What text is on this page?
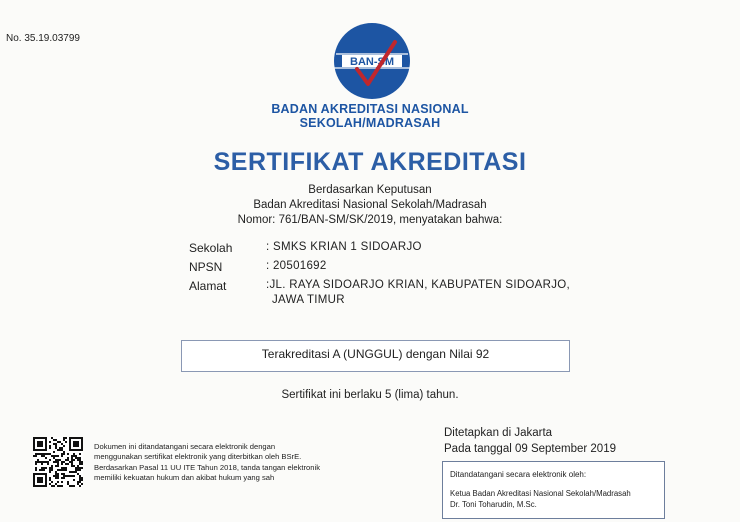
No. 35.19.03799
BAN-SM
BADAN AKREDITASI NASIONAL
SEKOLAH/MADRASAH
SERTIFIKAT AKREDITASI
Berdasarkan Keputusan
Badan Akreditasi Nasional Sekolah/Madrasah
Nomor: 761/BAN-SM/SK/2019, menyatakan bahwa:
Sekolah	: SMKS KRIAN 1 SIDOARJO
NPSN	: 20501692
Alamat	:JL. RAYA SIDOARJO KRIAN, KABUPATEN SIDOARJO,
JAWA TIMUR
Terakreditasi A (UNGGUL) dengan Nilai 92
Sertifikat ini berlaku 5 (lima) tahun.
Dokumen ini ditandatangani secara elektronik dengan
menggunakan sertifikat elektronik yang diterbitkan oleh BSrE.
Berdasarkan Pasal 11 UU ITE Tahun 2018, tanda tangan elektronik
memiliki kekuatan hukum dan akibat hukum yang sah
Ditetapkan di Jakarta
Pada tanggal 09 September 2019
Ditandatangani secara elektronik oleh:
Ketua Badan Akreditasi Nasional Sekolah/Madrasah
Dr. Toni Toharudin, M.Sc.
